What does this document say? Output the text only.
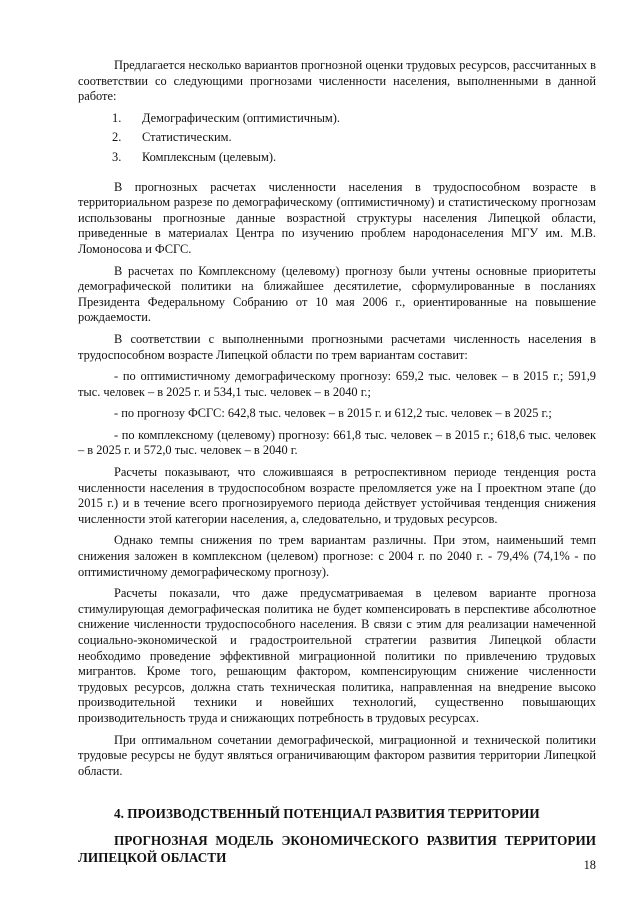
Предлагается несколько вариантов прогнозной оценки трудовых ресурсов, рассчитанных в соответствии со следующими прогнозами численности населения, выполненными в данной работе:

1.	Демографическим (оптимистичным).
2.	Статистическим.
3.	Комплексным (целевым).

В прогнозных расчетах численности населения в трудоспособном возрасте в территориальном разрезе по демографическому (оптимистичному) и статистическому прогнозам использованы прогнозные данные возрастной структуры населения Липецкой области, приведенные в материалах Центра по изучению проблем народонаселения МГУ им. М.В. Ломоносова и ФСГС.

В расчетах по Комплексному (целевому) прогнозу были учтены основные приоритеты демографической политики на ближайшее десятилетие, сформулированные в посланиях Президента Федеральному Собранию от 10 мая 2006 г., ориентированные на повышение рождаемости.

В соответствии с выполненными прогнозными расчетами численность населения в трудоспособном возрасте Липецкой области по трем вариантам составит:

- по оптимистичному демографическому прогнозу: 659,2 тыс. человек – в 2015 г.; 591,9 тыс. человек – в 2025 г. и 534,1 тыс. человек – в 2040 г.;

- по прогнозу ФСГС: 642,8 тыс. человек – в 2015 г. и 612,2 тыс. человек – в 2025 г.;

- по комплексному (целевому) прогнозу: 661,8 тыс. человек – в 2015 г.; 618,6 тыс. человек – в 2025 г. и 572,0 тыс. человек – в 2040 г.

Расчеты показывают, что сложившаяся в ретроспективном периоде тенденция роста численности населения в трудоспособном возрасте преломляется уже на I проектном этапе (до 2015 г.) и в течение всего прогнозируемого периода действует устойчивая тенденция снижения численности этой категории населения, а, следовательно, и трудовых ресурсов.

Однако темпы снижения по трем вариантам различны. При этом, наименьший темп снижения заложен в комплексном (целевом) прогнозе: с 2004 г. по 2040 г. - 79,4% (74,1% - по оптимистичному демографическому прогнозу).

Расчеты показали, что даже предусматриваемая в целевом варианте прогноза стимулирующая демографическая политика не будет компенсировать в перспективе абсолютное снижение численности трудоспособного населения. В связи с этим для реализации намеченной социально-экономической и градостроительной стратегии развития Липецкой области необходимо проведение эффективной миграционной политики по привлечению трудовых мигрантов. Кроме того, решающим фактором, компенсирующим снижение численности трудовых ресурсов, должна стать техническая политика, направленная на внедрение высоко производительной техники и новейших технологий, существенно повышающих производительность труда и снижающих потребность в трудовых ресурсах.

При оптимальном сочетании демографической, миграционной и технической политики трудовые ресурсы не будут являться ограничивающим фактором развития территории Липецкой области.

4. ПРОИЗВОДСТВЕННЫЙ ПОТЕНЦИАЛ РАЗВИТИЯ ТЕРРИТОРИИ

ПРОГНОЗНАЯ МОДЕЛЬ ЭКОНОМИЧЕСКОГО РАЗВИТИЯ ТЕРРИТОРИИ ЛИПЕЦКОЙ ОБЛАСТИ	18
